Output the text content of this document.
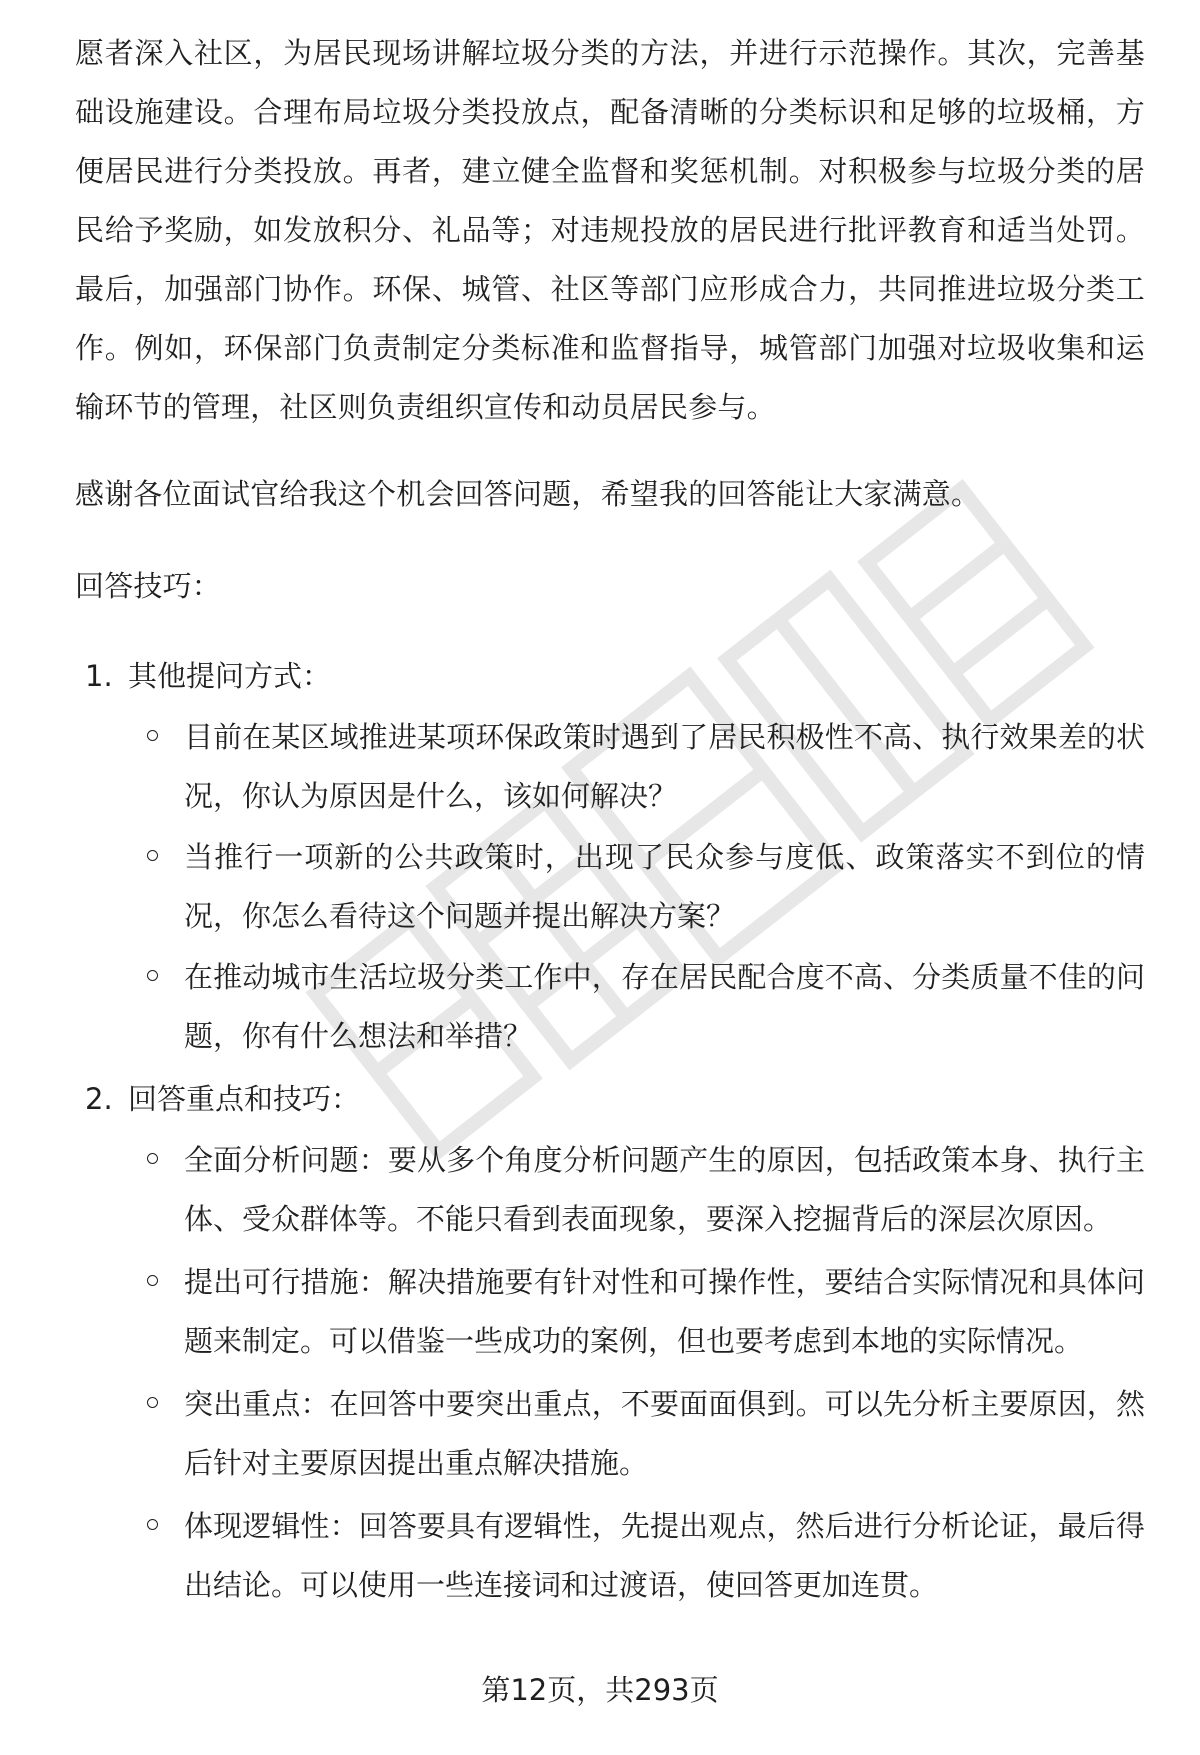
愿者深入社区，为居民现场讲解垃圾分类的方法，并进行示范操作。其次，完善基础设施建设。合理布局垃圾分类投放点，配备清晰的分类标识和足够的垃圾桶，方便居民进行分类投放。再者，建立健全监督和奖惩机制。对积极参与垃圾分类的居民给予奖励，如发放积分、礼品等；对违规投放的居民进行批评教育和适当处罚。最后，加强部门协作。环保、城管、社区等部门应形成合力，共同推进垃圾分类工作。例如，环保部门负责制定分类标准和监督指导，城管部门加强对垃圾收集和运输环节的管理，社区则负责组织宣传和动员居民参与。

感谢各位面试官给我这个机会回答问题，希望我的回答能让大家满意。

回答技巧：

1. 其他提问方式：

目前在某区域推进某项环保政策时遇到了居民积极性不高、执行效果差的状况，你认为原因是什么，该如何解决？
当推行一项新的公共政策时，出现了民众参与度低、政策落实不到位的情况，你怎么看待这个问题并提出解决方案？
在推动城市生活垃圾分类工作中，存在居民配合度不高、分类质量不佳的问题，你有什么想法和举措？
2. 回答重点和技巧：

全面分析问题：要从多个角度分析问题产生的原因，包括政策本身、执行主体、受众群体等。不能只看到表面现象，要深入挖掘背后的深层次原因。
提出可行措施：解决措施要有针对性和可操作性，要结合实际情况和具体问题来制定。可以借鉴一些成功的案例，但也要考虑到本地的实际情况。
突出重点：在回答中要突出重点，不要面面俱到。可以先分析主要原因，然后针对主要原因提出重点解决措施。
体现逻辑性：回答要具有逻辑性，先提出观点，然后进行分析论证，最后得出结论。可以使用一些连接词和过渡语，使回答更加连贯。
第12页，共293页
